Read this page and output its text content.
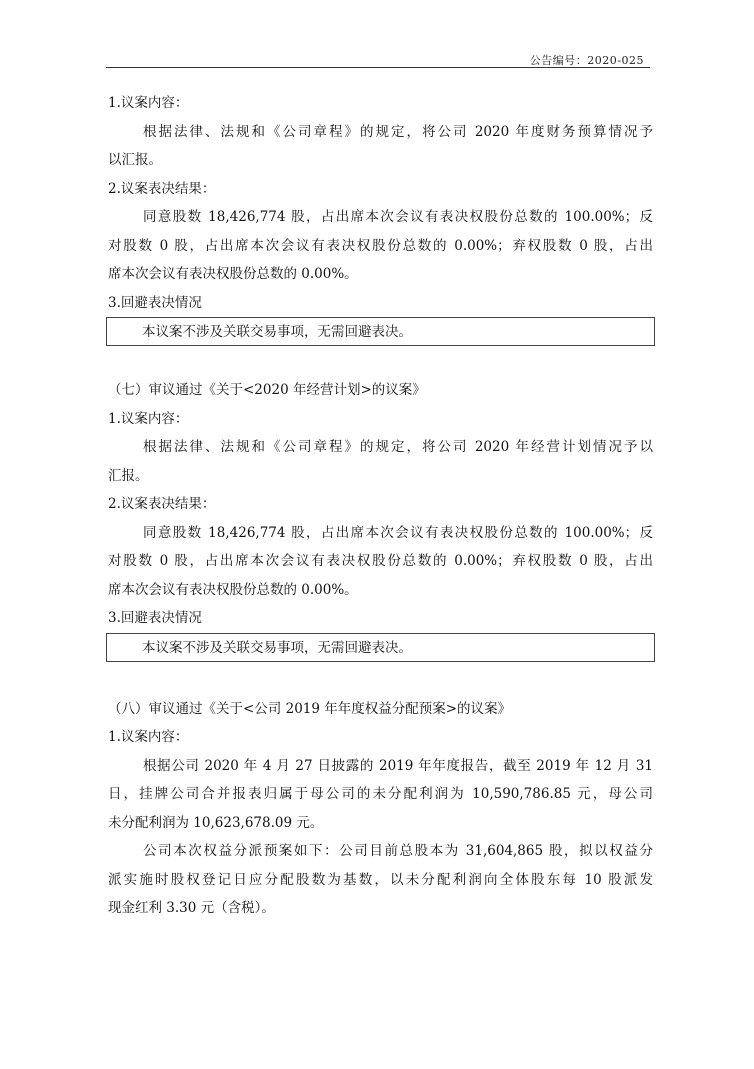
公告编号：2020-025
1.议案内容：
根据法律、法规和《公司章程》的规定，将公司 2020 年度财务预算情况予
以汇报。
2.议案表决结果：
同意股数 18,426,774 股，占出席本次会议有表决权股份总数的 100.00%；反
对股数 0 股，占出席本次会议有表决权股份总数的 0.00%；弃权股数 0 股，占出
席本次会议有表决权股份总数的 0.00%。
3.回避表决情况
本议案不涉及关联交易事项，无需回避表决。
（七）审议通过《关于<2020 年经营计划>的议案》
1.议案内容：
根据法律、法规和《公司章程》的规定，将公司 2020 年经营计划情况予以
汇报。
2.议案表决结果：
同意股数 18,426,774 股，占出席本次会议有表决权股份总数的 100.00%；反
对股数 0 股，占出席本次会议有表决权股份总数的 0.00%；弃权股数 0 股，占出
席本次会议有表决权股份总数的 0.00%。
3.回避表决情况
本议案不涉及关联交易事项，无需回避表决。
（八）审议通过《关于<公司 2019 年年度权益分配预案>的议案》
1.议案内容：
根据公司 2020 年 4 月 27 日披露的 2019 年年度报告，截至 2019 年 12 月 31
日，挂牌公司合并报表归属于母公司的未分配利润为 10,590,786.85 元，母公司
未分配利润为 10,623,678.09 元。
公司本次权益分派预案如下：公司目前总股本为 31,604,865 股，拟以权益分
派实施时股权登记日应分配股数为基数，以未分配利润向全体股东每 10 股派发
现金红利 3.30 元（含税）。
